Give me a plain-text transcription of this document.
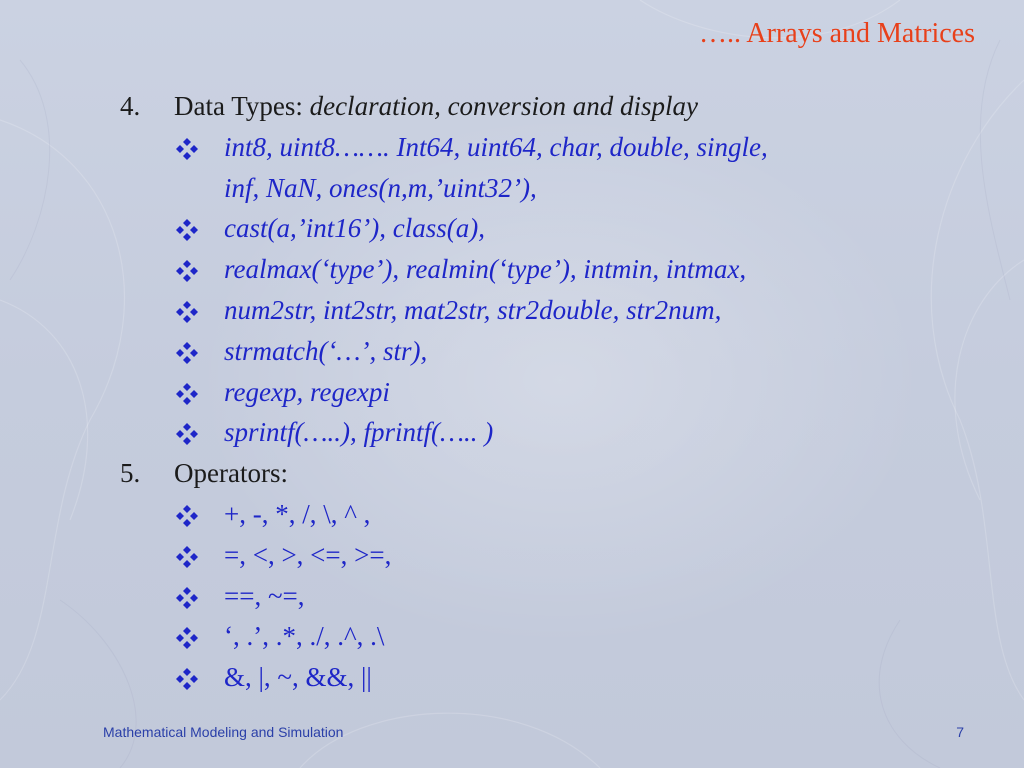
….. Arrays and Matrices
4. Data Types: declaration, conversion and display
int8, uint8……. Int64, uint64, char, double, single,
inf, NaN, ones(n,m,’uint32’),
cast(a,’int16’), class(a),
realmax(‘type’), realmin(‘type’), intmin, intmax,
num2str, int2str, mat2str, str2double, str2num,
strmatch(‘…’, str),
regexp, regexpi
sprintf(…..), fprintf(….. )
5. Operators:
+, -, *, /, \, ^ ,
=, <, >, <=, >=,
==, ~=,
‘, .’, .*, ./, .^, .\
&, |, ~, &&, ||
Mathematical Modeling and Simulation	7
